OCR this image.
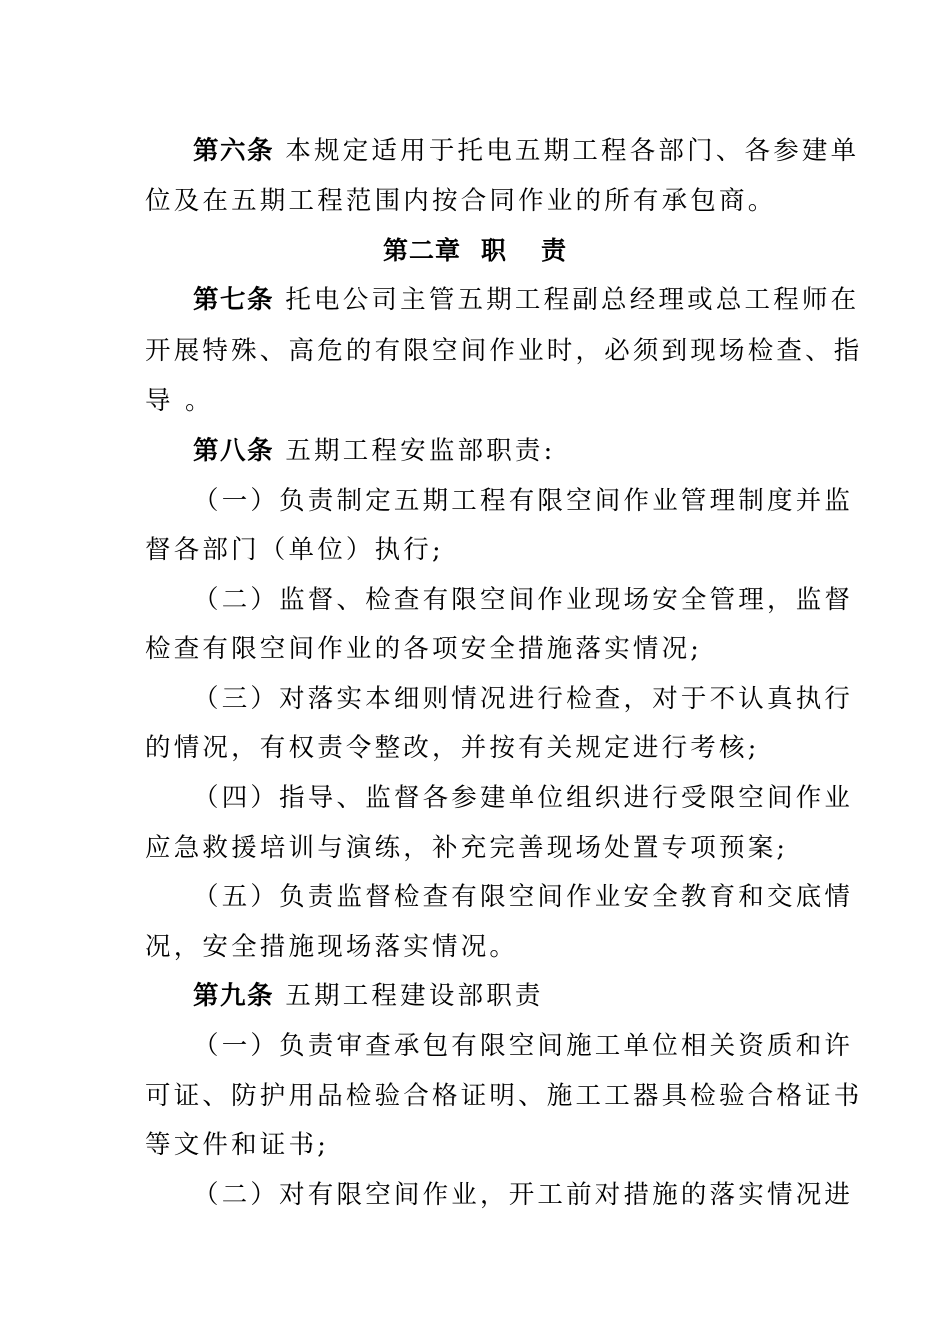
第六条 本规定适用于托电五期工程各部门、各参建单
位及在五期工程范围内按合同作业的所有承包商。
第二章 职 责
第七条 托电公司主管五期工程副总经理或总工程师在
开展特殊、高危的有限空间作业时，必须到现场检查、指
导 。
第八条 五期工程安监部职责:
（一）负责制定五期工程有限空间作业管理制度并监
督各部门（单位）执行;
（二）监督、检查有限空间作业现场安全管理，监督
检查有限空间作业的各项安全措施落实情况;
（三）对落实本细则情况进行检查，对于不认真执行
的情况，有权责令整改，并按有关规定进行考核;
（四）指导、监督各参建单位组织进行受限空间作业
应急救援培训与演练，补充完善现场处置专项预案;
（五）负责监督检查有限空间作业安全教育和交底情
况，安全措施现场落实情况。
第九条 五期工程建设部职责
（一）负责审查承包有限空间施工单位相关资质和许
可证、防护用品检验合格证明、施工工器具检验合格证书
等文件和证书;
（二）对有限空间作业，开工前对措施的落实情况进
